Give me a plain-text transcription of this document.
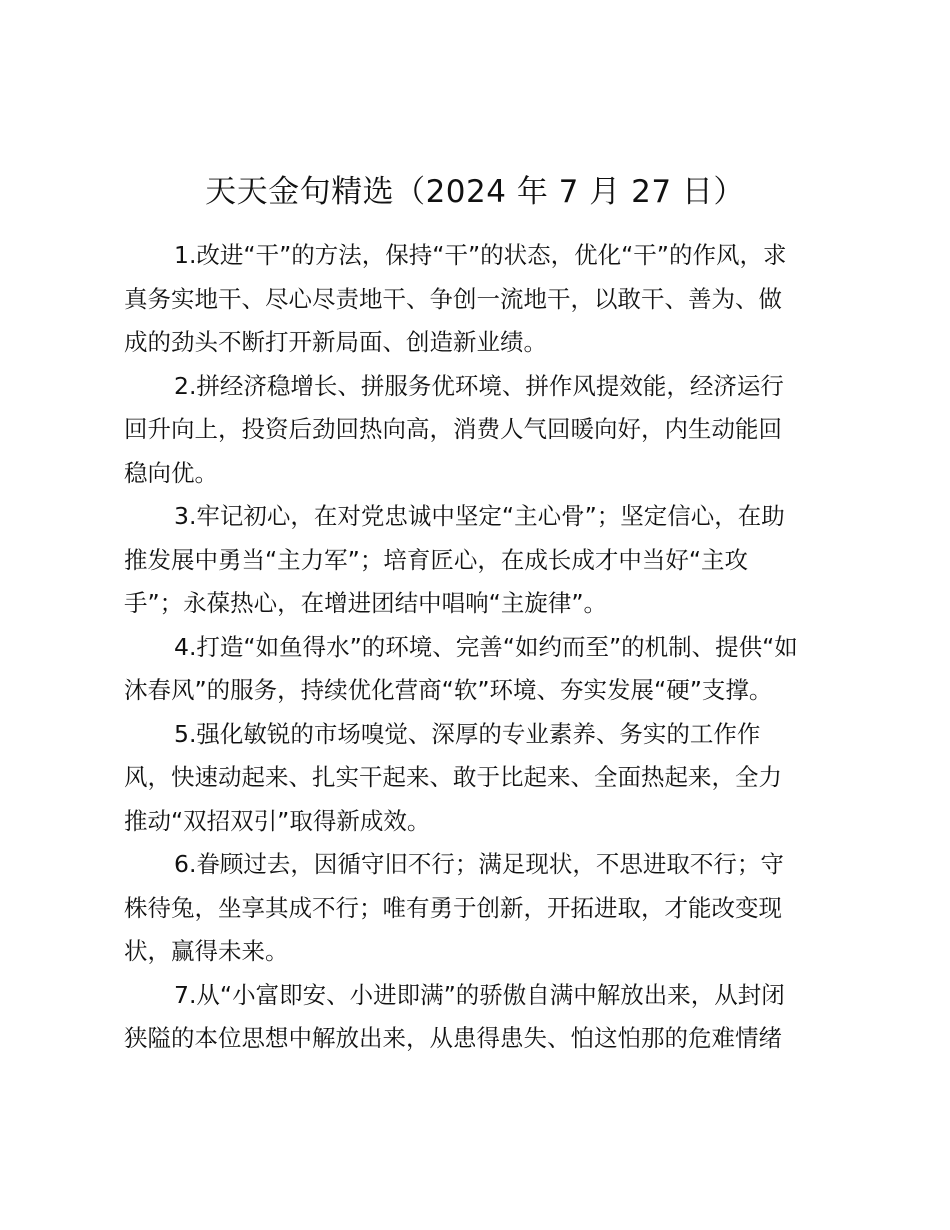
天天金句精选（2024 年 7 月 27 日）
1.改进“干”的方法，保持“干”的状态，优化“干”的作风，求
真务实地干、尽心尽责地干、争创一流地干，以敢干、善为、做
成的劲头不断打开新局面、创造新业绩。
2.拼经济稳增长、拼服务优环境、拼作风提效能，经济运行
回升向上，投资后劲回热向高，消费人气回暖向好，内生动能回
稳向优。
3.牢记初心，在对党忠诚中坚定“主心骨”；坚定信心，在助
推发展中勇当“主力军”；培育匠心，在成长成才中当好“主攻
手”；永葆热心，在增进团结中唱响“主旋律”。
4.打造“如鱼得水”的环境、完善“如约而至”的机制、提供“如
沐春风”的服务，持续优化营商“软”环境、夯实发展“硬”支撑。
5.强化敏锐的市场嗅觉、深厚的专业素养、务实的工作作
风，快速动起来、扎实干起来、敢于比起来、全面热起来，全力
推动“双招双引”取得新成效。
6.眷顾过去，因循守旧不行；满足现状，不思进取不行；守
株待兔，坐享其成不行；唯有勇于创新，开拓进取，才能改变现
状，赢得未来。
7.从“小富即安、小进即满”的骄傲自满中解放出来，从封闭
狭隘的本位思想中解放出来，从患得患失、怕这怕那的危难情绪
